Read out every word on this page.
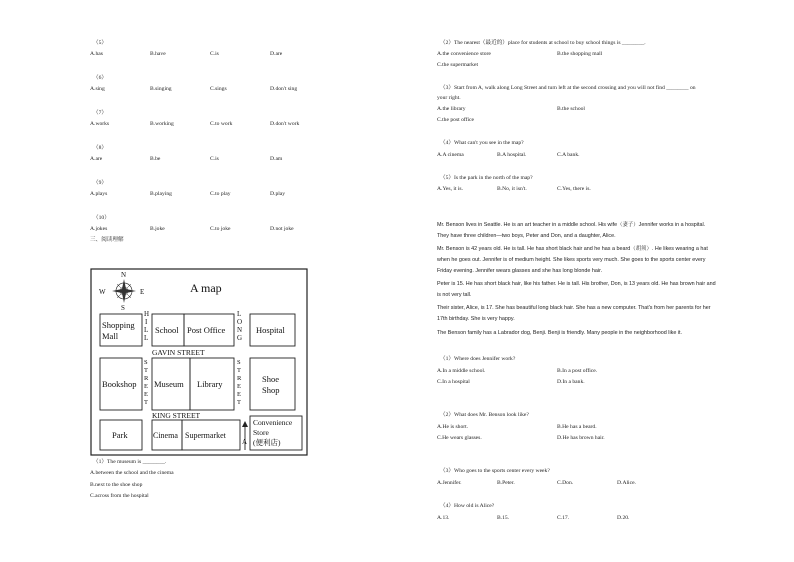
（5）
A.has	B.have	C.is	D.are
（6）
A.sing	B.singing	C.sings	D.don't sing
（7）
A.works	B.working	C.to work	D.don't work
（8）
A.are	B.be	C.is	D.am
（9）
A.plays	B.playing	C.to play	D.play
（10）
A.jokes	B.joke	C.to joke	D.not joke
三、阅读理解
N
S
W	E	A map
Shopping
Mall
School Post Office	Hospital
H
I
L
L
L
O
N
G
GAVIN STREET
Bookshop
S
T
R
E
E
T
Museum Library
S
T
R
E
E
T
Shoe
Shop
KING STREET
Park	Cinema Supermarket
A
Convenience
Store
(便利店)
（1）The museum is ________.
A.between the school and the cinema
B.next to the shoe shop
C.across from the hospital
（2）The nearest（最近的）place for students at school to buy school things is ________.
A.the convenience store	B.the shopping mall
C.the supermarket
（3）Start from A, walk along Long Street and turn left at the second crossing and you will not find ________ on
your right.
A.the library	B.the school
C.the post office
（4）What can't you see in the map?
A.A cinema	B.A hospital.	C.A bank.
（5）Is the park in the north of the map?
A.Yes, it is.	B.No, it isn't.	C.Yes, there is.
Mr. Benson lives in Seattle. He is an art teacher in a middle school. His wife（妻子）Jennifer works in a hospital.
They have three children—two boys, Peter and Don, and a daughter, Alice.
Mr. Benson is 42 years old. He is tall. He has short black hair and he has a beard（胡须）. He likes wearing a hat
when he goes out. Jennifer is of medium height. She likes sports very much. She goes to the sports center every
Friday evening. Jennifer wears glasses and she has long blonde hair.
Peter is 15. He has short black hair, like his father. He is tall. His brother, Don, is 13 years old. He has brown hair and
is not very tall.
Their sister, Alice, is 17. She has beautiful long black hair. She has a new computer. That's from her parents for her
17th birthday. She is very happy.
The Benson family has a Labrador dog, Benji. Benji is friendly. Many people in the neighborhood like it.
（1）Where does Jennifer work?
A.In a middle school.	B.In a post office.
C.In a hospital	D.In a bank.
（2）What does Mr. Benson look like?
A.He is short.	B.He has a beard.
C.He wears glasses.	D.He has brown hair.
（3）Who goes to the sports center every week?
A.Jennifer.	B.Peter.	C.Don.	D.Alice.
（4）How old is Alice?
A.13.	B.15.	C.17.	D.20.
